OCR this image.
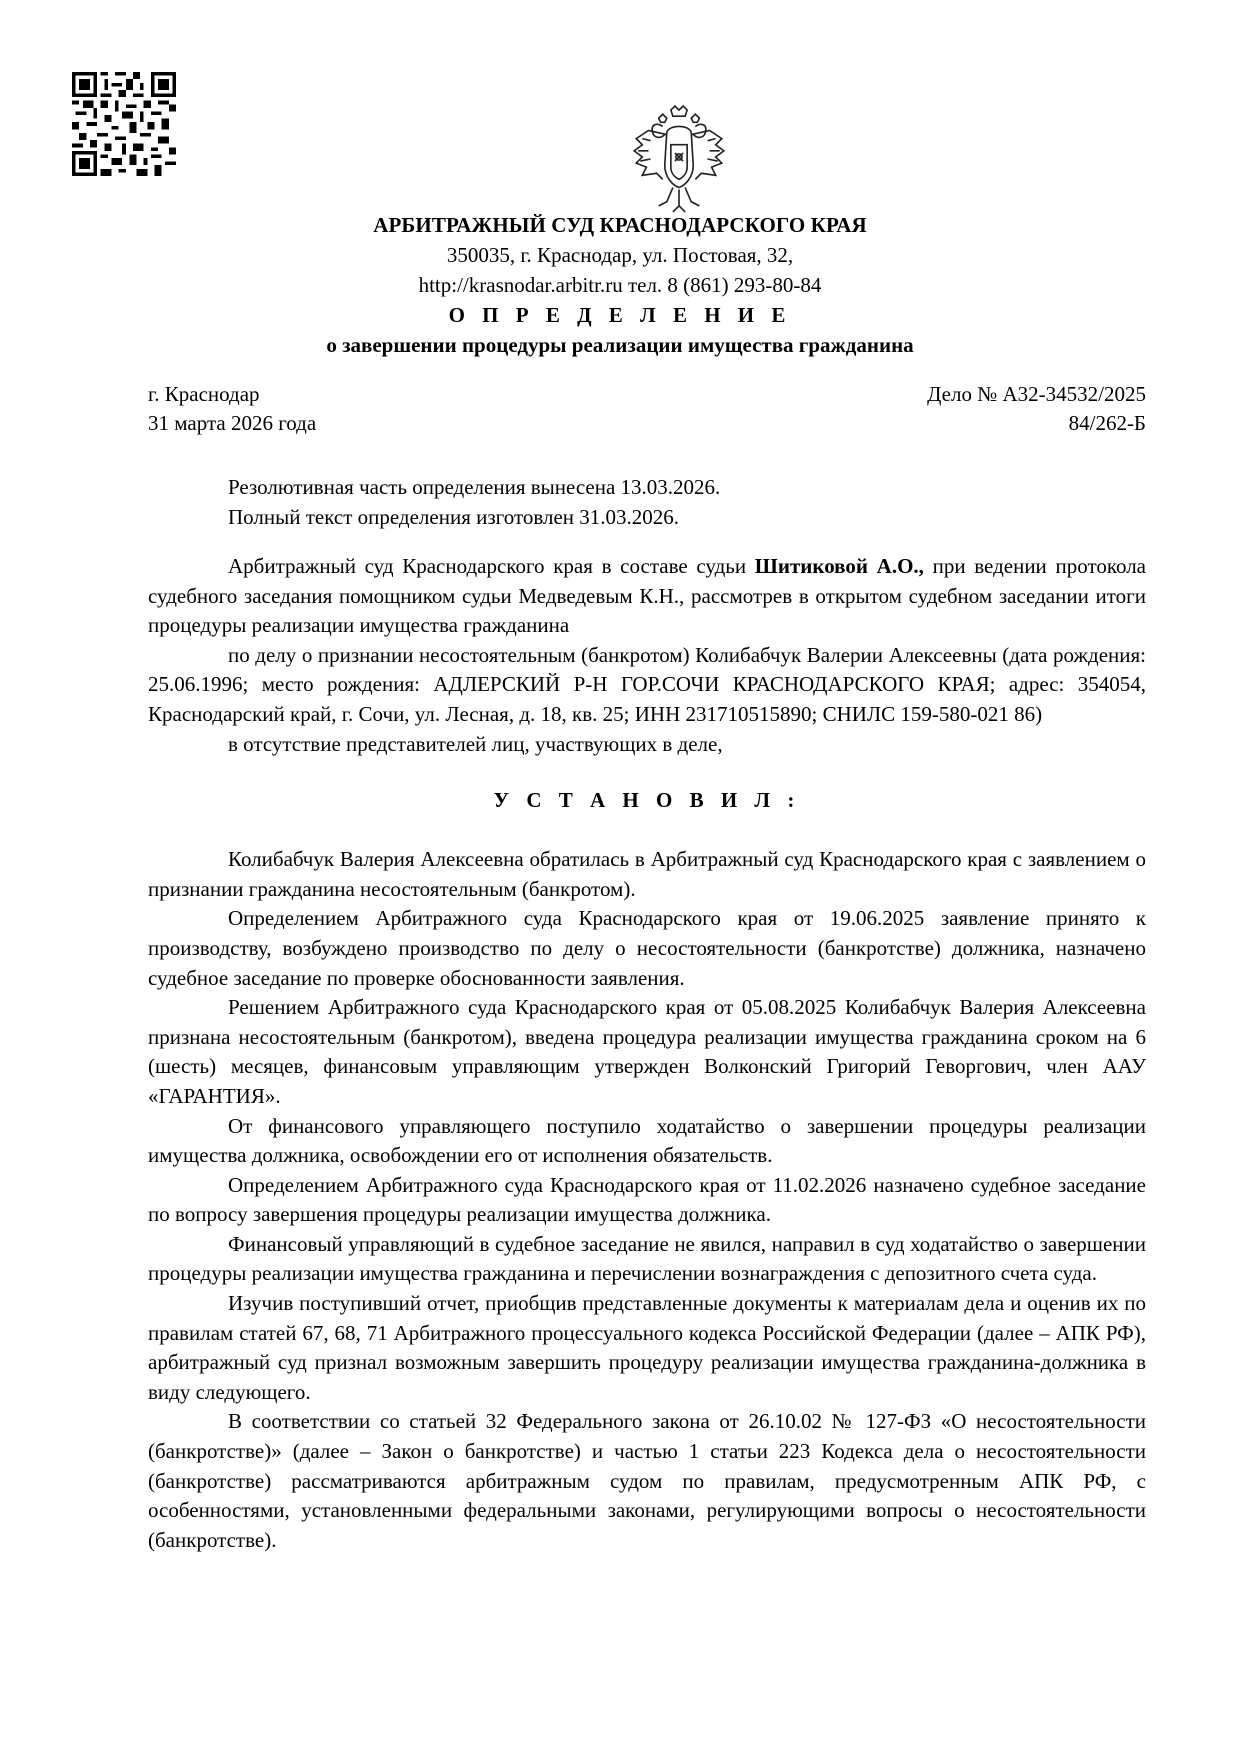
АРБИТРАЖНЫЙ СУД КРАСНОДАРСКОГО КРАЯ
350035, г. Краснодар, ул. Постовая, 32,
http://krasnodar.arbitr.ru тел. 8 (861) 293-80-84
О П Р Е Д Е Л Е Н И Е
о завершении процедуры реализации имущества гражданина
г. Краснодар	Дело № А32-34532/2025
31 марта 2026 года	84/262-Б
Резолютивная часть определения вынесена 13.03.2026.
Полный текст определения изготовлен 31.03.2026.

Арбитражный суд Краснодарского края в составе судьи Шитиковой А.О., при ведении протокола судебного заседания помощником судьи Медведевым К.Н., рассмотрев в открытом судебном заседании итоги процедуры реализации имущества гражданина

по делу о признании несостоятельным (банкротом) Колибабчук Валерии Алексеевны (дата рождения: 25.06.1996; место рождения: АДЛЕРСКИЙ Р-Н ГОР.СОЧИ КРАСНОДАРСКОГО КРАЯ; адрес: 354054, Краснодарский край, г. Сочи, ул. Лесная, д. 18, кв. 25; ИНН 231710515890; СНИЛС 159-580-021 86)

в отсутствие представителей лиц, участвующих в деле,

У С Т А Н О В И Л :

Колибабчук Валерия Алексеевна обратилась в Арбитражный суд Краснодарского края с заявлением о признании гражданина несостоятельным (банкротом).

Определением Арбитражного суда Краснодарского края от 19.06.2025 заявление принято к производству, возбуждено производство по делу о несостоятельности (банкротстве) должника, назначено судебное заседание по проверке обоснованности заявления.

Решением Арбитражного суда Краснодарского края от 05.08.2025 Колибабчук Валерия Алексеевна признана несостоятельным (банкротом), введена процедура реализации имущества гражданина сроком на 6 (шесть) месяцев, финансовым управляющим утвержден Волконский Григорий Геворгович, член ААУ «ГАРАНТИЯ».

От финансового управляющего поступило ходатайство о завершении процедуры реализации имущества должника, освобождении его от исполнения обязательств.

Определением Арбитражного суда Краснодарского края от 11.02.2026 назначено судебное заседание по вопросу завершения процедуры реализации имущества должника.

Финансовый управляющий в судебное заседание не явился, направил в суд ходатайство о завершении процедуры реализации имущества гражданина и перечислении вознаграждения с депозитного счета суда.

Изучив поступивший отчет, приобщив представленные документы к материалам дела и оценив их по правилам статей 67, 68, 71 Арбитражного процессуального кодекса Российской Федерации (далее – АПК РФ), арбитражный суд признал возможным завершить процедуру реализации имущества гражданина-должника в виду следующего.

В соответствии со статьей 32 Федерального закона от 26.10.02 № 127-ФЗ «О несостоятельности (банкротстве)» (далее – Закон о банкротстве) и частью 1 статьи 223 Кодекса дела о несостоятельности (банкротстве) рассматриваются арбитражным судом по правилам, предусмотренным АПК РФ, с особенностями, установленными федеральными законами, регулирующими вопросы о несостоятельности (банкротстве).
